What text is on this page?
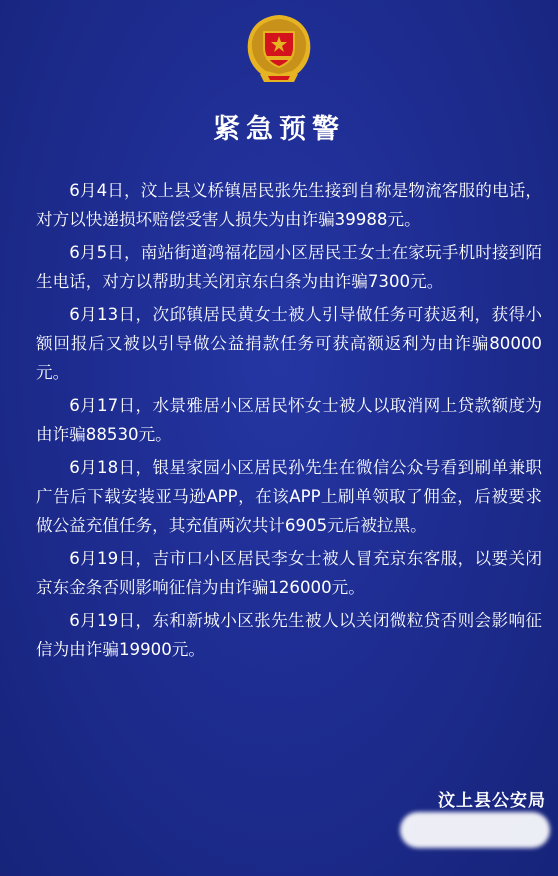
紧急预警

6月4日，汶上县义桥镇居民张先生接到自称是物流客服的电话，对方以快递损坏赔偿受害人损失为由诈骗39988元。

6月5日，南站街道鸿福花园小区居民王女士在家玩手机时接到陌生电话，对方以帮助其关闭京东白条为由诈骗7300元。

6月13日，次邱镇居民黄女士被人引导做任务可获返利，获得小额回报后又被以引导做公益捐款任务可获高额返利为由诈骗80000元。

6月17日，水景雅居小区居民怀女士被人以取消网上贷款额度为由诈骗88530元。

6月18日，银星家园小区居民孙先生在微信公众号看到刷单兼职广告后下载安装亚马逊APP，在该APP上刷单领取了佣金，后被要求做公益充值任务，其充值两次共计6905元后被拉黑。

6月19日，吉市口小区居民李女士被人冒充京东客服，以要关闭京东金条否则影响征信为由诈骗126000元。

6月19日，东和新城小区张先生被人以关闭微粒贷否则会影响征信为由诈骗19900元。

汶上县公安局
